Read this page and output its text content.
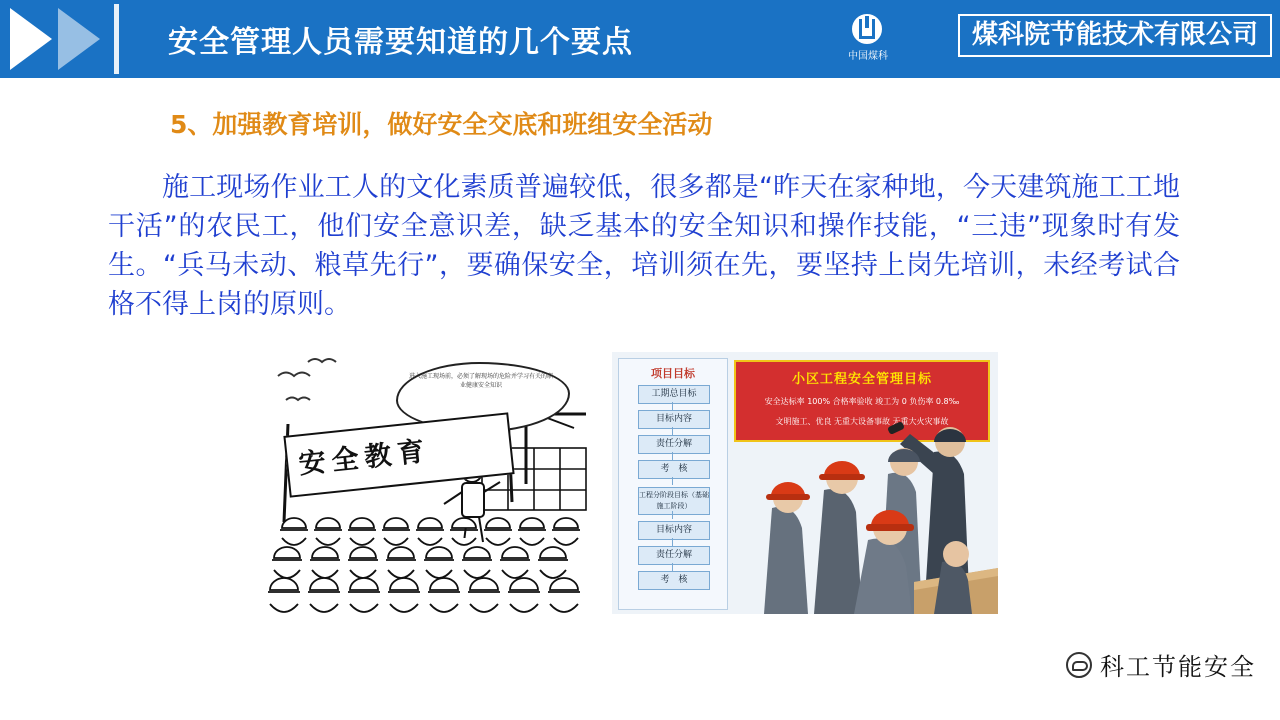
安全管理人员需要知道的几个要点	中国煤科
煤科院节能技术有限公司
5、加强教育培训，做好安全交底和班组安全活动
施工现场作业工人的文化素质普遍较低，很多都是“昨天在家种地，今天建筑施工工地干活”的农民工，他们安全意识差，缺乏基本的安全知识和操作技能，“三违”现象时有发生。“兵马未动、粮草先行”，要确保安全，培训须在先，要坚持上岗先培训，未经考试合格不得上岗的原则。
进入施工现场前，必须了解现场的危险并学习有关的职业健康安全知识
安全教育
项目目标
工期总目标
目标内容
责任分解
考　核
工程分阶段目标（基础施工阶段）
目标内容
责任分解
考　核
小区工程安全管理目标
安全达标率 100% 合格率验收 竣工为 0 负伤率 0.8‰
文明施工、优良 无重大设备事故 无重大火灾事故
科工节能安全
